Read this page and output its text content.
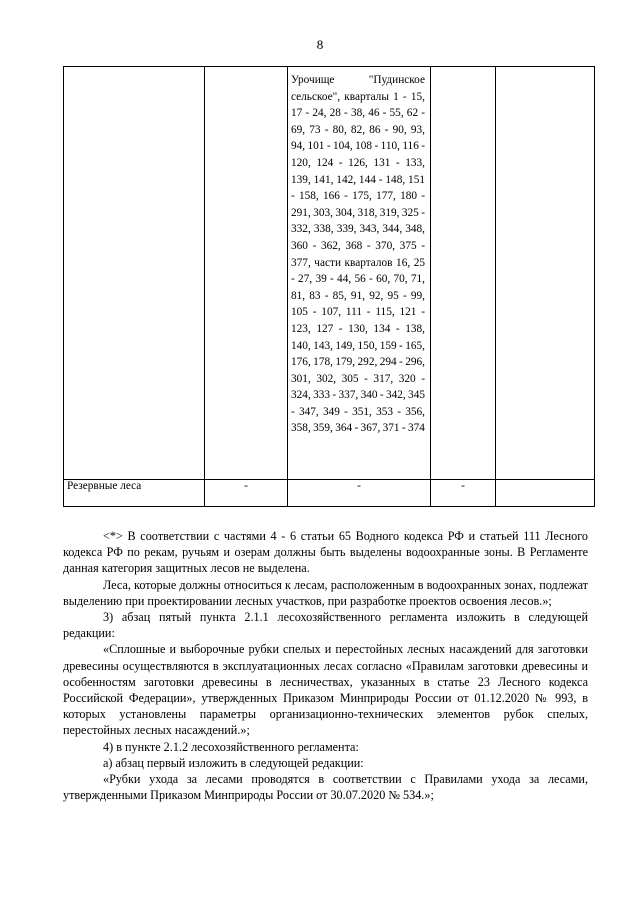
8

		Урочище "Пудинское сельское", кварталы 1 - 15, 17 - 24, 28 - 38, 46 - 55, 62 - 69, 73 - 80, 82, 86 - 90, 93, 94, 101 - 104, 108 - 110, 116 - 120, 124 - 126, 131 - 133, 139, 141, 142, 144 - 148, 151 - 158, 166 - 175, 177, 180 - 291, 303, 304, 318, 319, 325 - 332, 338, 339, 343, 344, 348, 360 - 362, 368 - 370, 375 - 377, части кварталов 16, 25 - 27, 39 - 44, 56 - 60, 70, 71, 81, 83 - 85, 91, 92, 95 - 99, 105 - 107, 111 - 115, 121 - 123, 127 - 130, 134 - 138, 140, 143, 149, 150, 159 - 165, 176, 178, 179, 292, 294 - 296, 301, 302, 305 - 317, 320 - 324, 333 - 337, 340 - 342, 345 - 347, 349 - 351, 353 - 356, 358, 359, 364 - 367, 371 - 374		

Резервные леса	-	-	-	

<*> В соответствии с частями 4 - 6 статьи 65 Водного кодекса РФ и статьей 111 Лесного кодекса РФ по рекам, ручьям и озерам должны быть выделены водоохранные зоны. В Регламенте данная категория защитных лесов не выделена.

Леса, которые должны относиться к лесам, расположенным в водоохранных зонах, подлежат выделению при проектировании лесных участков, при разработке проектов освоения лесов.»;

3) абзац пятый пункта 2.1.1 лесохозяйственного регламента изложить в следующей редакции:

«Сплошные и выборочные рубки спелых и перестойных лесных насаждений для заготовки древесины осуществляются в эксплуатационных лесах согласно «Правилам заготовки древесины и особенностям заготовки древесины в лесничествах, указанных в статье 23 Лесного кодекса Российской Федерации», утвержденных Приказом Минприроды России от 01.12.2020 № 993, в которых установлены параметры организационно-технических элементов рубок спелых, перестойных лесных насаждений.»;

4) в пункте 2.1.2 лесохозяйственного регламента:

а) абзац первый изложить в следующей редакции:

«Рубки ухода за лесами проводятся в соответствии с Правилами ухода за лесами, утвержденными Приказом Минприроды России от 30.07.2020 № 534.»;
